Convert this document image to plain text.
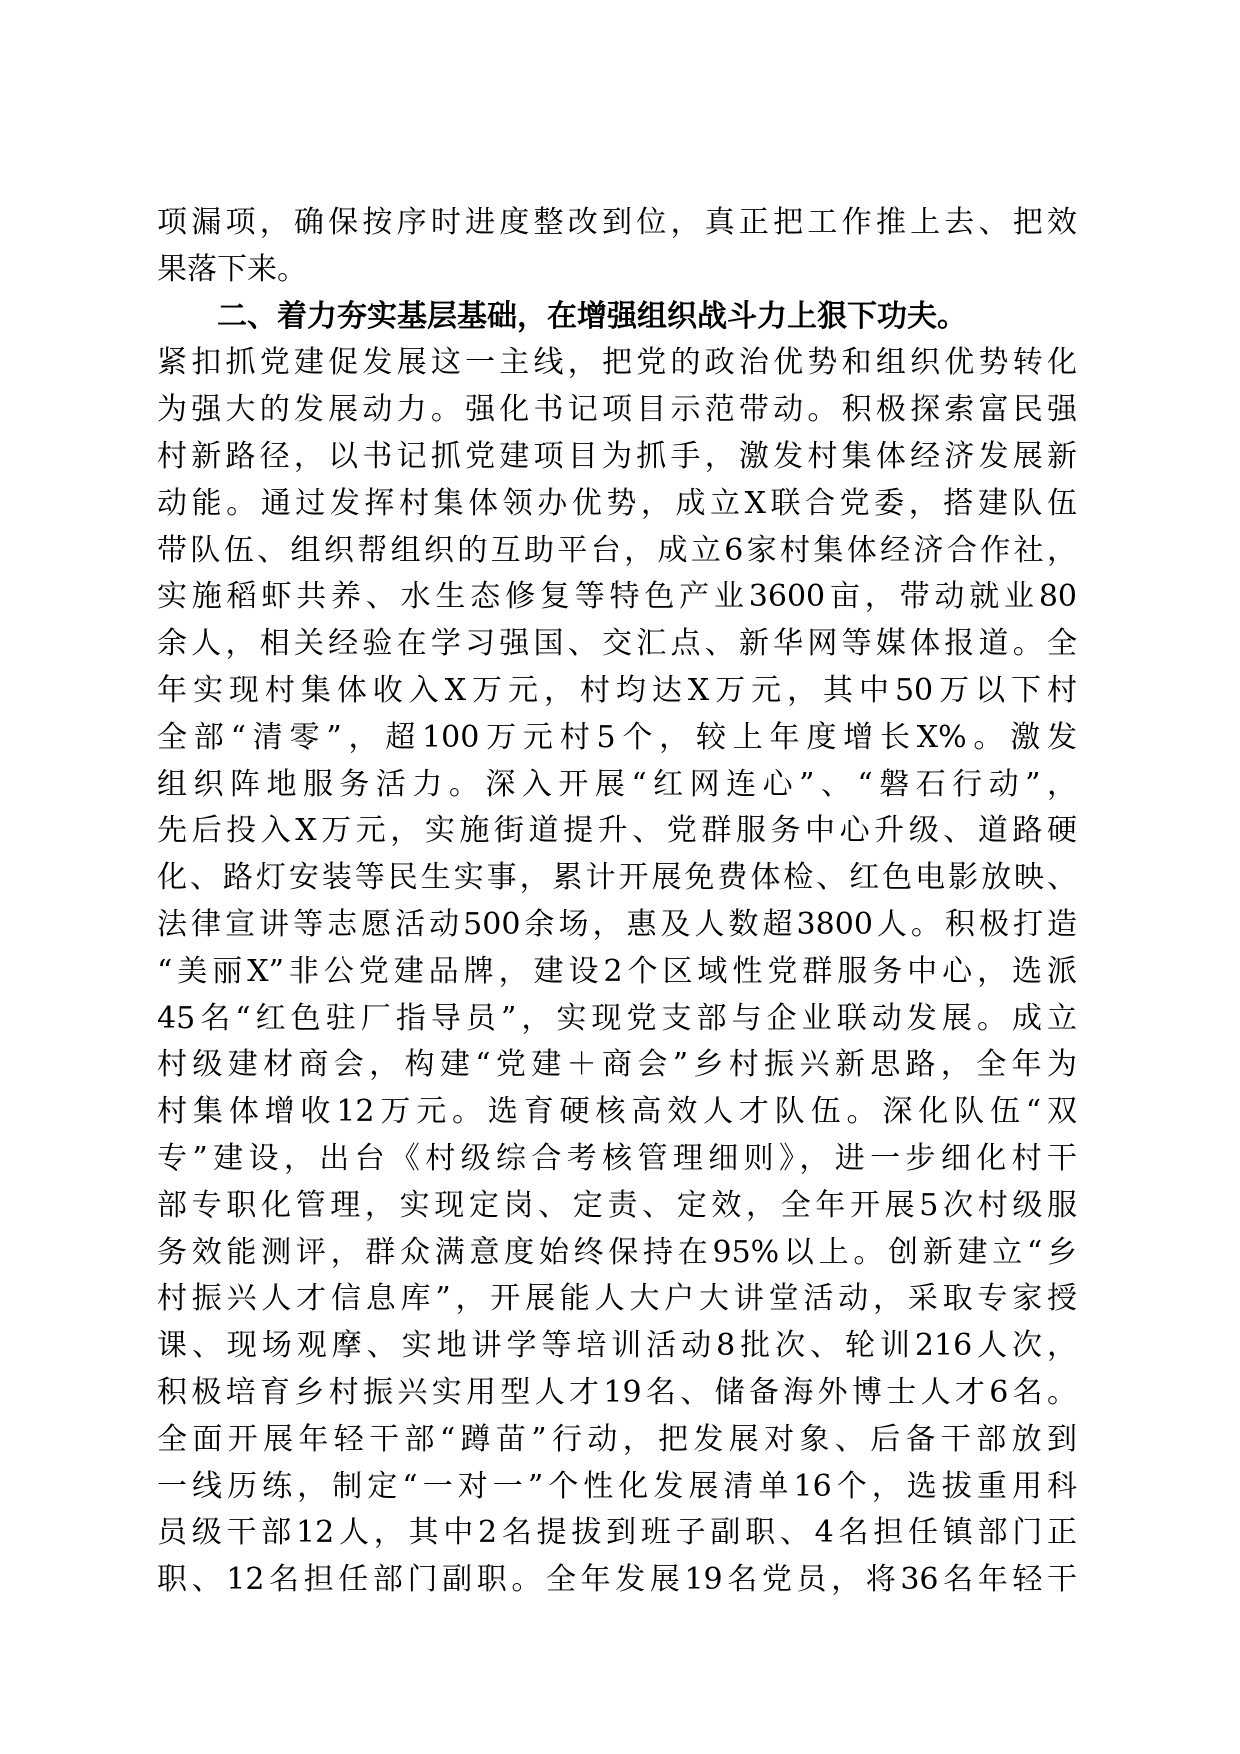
项漏项，确保按序时进度整改到位，真正把工作推上去、把效
果落下来。
二、着力夯实基层基础，在增强组织战斗力上狠下功夫。
紧扣抓党建促发展这一主线，把党的政治优势和组织优势转化
为强大的发展动力。强化书记项目示范带动。积极探索富民强
村新路径，以书记抓党建项目为抓手，激发村集体经济发展新
动能。通过发挥村集体领办优势，成立X联合党委，搭建队伍
带队伍、组织帮组织的互助平台，成立6家村集体经济合作社，
实施稻虾共养、水生态修复等特色产业3600亩，带动就业80
余人，相关经验在学习强国、交汇点、新华网等媒体报道。全
年实现村集体收入X万元，村均达X万元，其中50万以下村
全部“清零”，超100万元村5个，较上年度增长X%。激发
组织阵地服务活力。深入开展“红网连心”、“磐石行动”，
先后投入X万元，实施街道提升、党群服务中心升级、道路硬
化、路灯安装等民生实事，累计开展免费体检、红色电影放映、
法律宣讲等志愿活动500余场，惠及人数超3800人。积极打造
“美丽X”非公党建品牌，建设2个区域性党群服务中心，选派
45名“红色驻厂指导员”，实现党支部与企业联动发展。成立
村级建材商会，构建“党建＋商会”乡村振兴新思路，全年为
村集体增收12万元。选育硬核高效人才队伍。深化队伍“双
专”建设，出台《村级综合考核管理细则》，进一步细化村干
部专职化管理，实现定岗、定责、定效，全年开展5次村级服
务效能测评，群众满意度始终保持在95%以上。创新建立“乡
村振兴人才信息库”，开展能人大户大讲堂活动，采取专家授
课、现场观摩、实地讲学等培训活动8批次、轮训216人次，
积极培育乡村振兴实用型人才19名、储备海外博士人才6名。
全面开展年轻干部“蹲苗”行动，把发展对象、后备干部放到
一线历练，制定“一对一”个性化发展清单16个，选拔重用科
员级干部12人，其中2名提拔到班子副职、4名担任镇部门正
职、12名担任部门副职。全年发展19名党员，将36名年轻干
